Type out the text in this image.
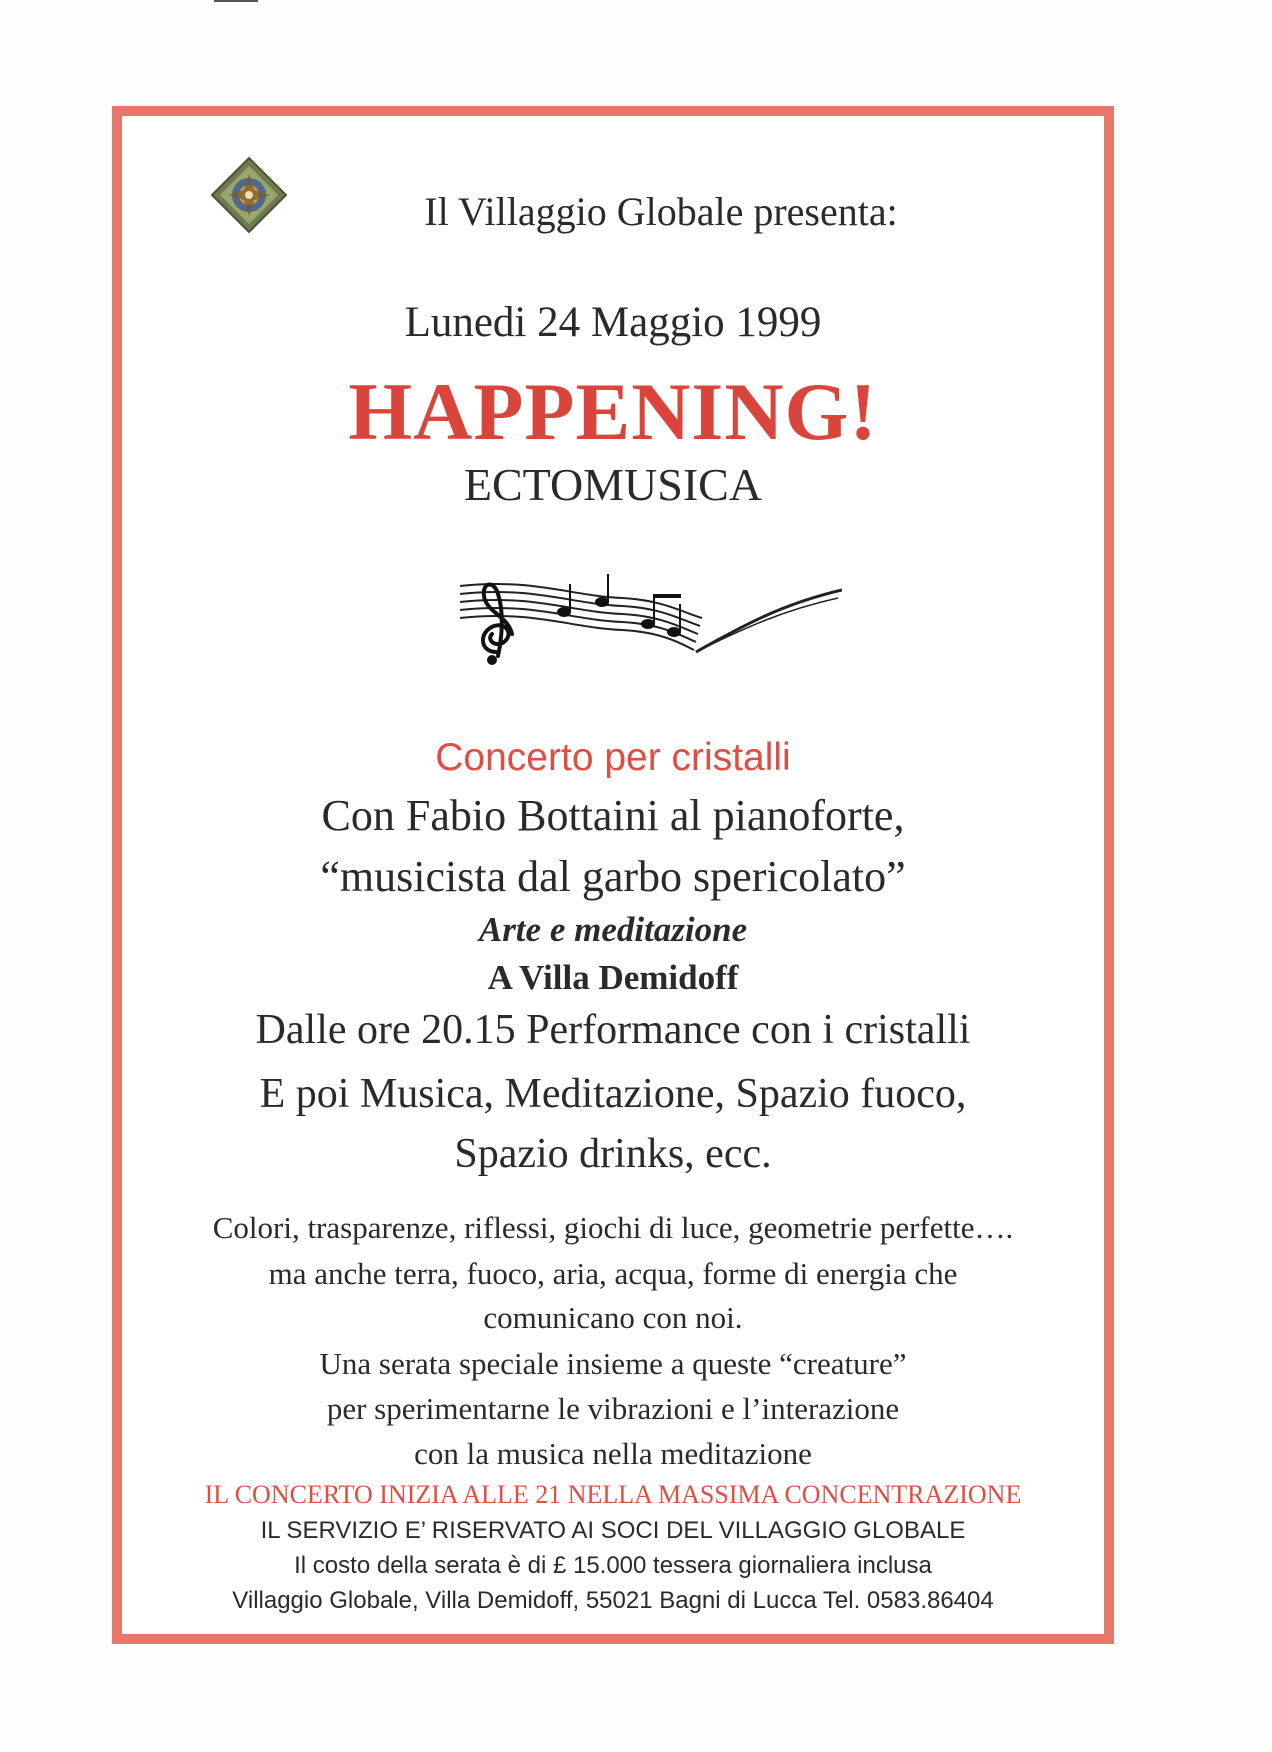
Il Villaggio Globale presenta:
Lunedi 24 Maggio 1999
HAPPENING!
ECTOMUSICA
Concerto per cristalli
Con Fabio Bottaini al pianoforte,
“musicista dal garbo spericolato”
Arte e meditazione
A Villa Demidoff
Dalle ore 20.15 Performance con i cristalli
E poi Musica, Meditazione, Spazio fuoco,
Spazio drinks, ecc.
Colori, trasparenze, riflessi, giochi di luce, geometrie perfette….
ma anche terra, fuoco, aria, acqua, forme di energia che
comunicano con noi.
Una serata speciale insieme a queste “creature”
per sperimentarne le vibrazioni e l’interazione
con la musica nella meditazione
IL CONCERTO INIZIA ALLE 21 NELLA MASSIMA CONCENTRAZIONE
IL SERVIZIO E’ RISERVATO AI SOCI DEL VILLAGGIO GLOBALE
Il costo della serata è di £ 15.000 tessera giornaliera inclusa
Villaggio Globale, Villa Demidoff, 55021 Bagni di Lucca Tel. 0583.86404
